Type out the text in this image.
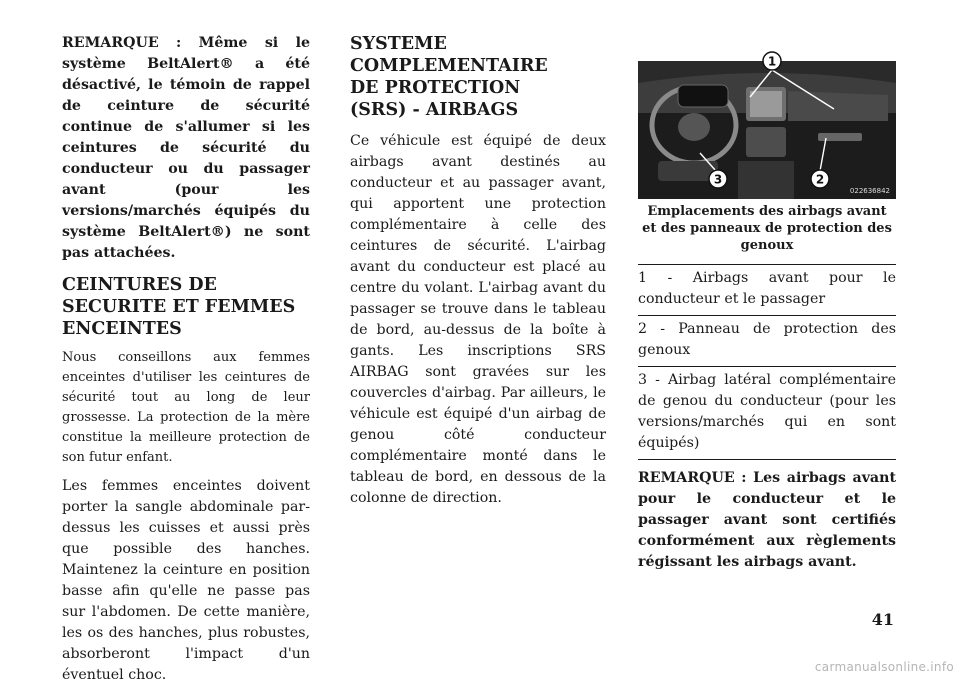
REMARQUE : Même si le système BeltAlert® a été désactivé, le témoin de rappel de ceinture de sécurité continue de s'allumer si les ceintures de sécurité du conducteur ou du passager avant (pour les versions/marchés équipés du système BeltAlert®) ne sont pas attachées.

CEINTURES DE SECURITE ET FEMMES ENCEINTES

Nous conseillons aux femmes enceintes d'utiliser les ceintures de sécurité tout au long de leur grossesse. La protection de la mère constitue la meilleure protection de son futur enfant.

Les femmes enceintes doivent porter la sangle abdominale par-dessus les cuisses et aussi près que possible des hanches. Maintenez la ceinture en position basse afin qu'elle ne passe pas sur l'abdomen. De cette manière, les os des hanches, plus robustes, absorberont l'impact d'un éventuel choc.

SYSTEME COMPLEMENTAIRE DE PROTECTION (SRS) - AIRBAGS

Ce véhicule est équipé de deux airbags avant destinés au conducteur et au passager avant, qui apportent une protection complémentaire à celle des ceintures de sécurité. L'airbag avant du conducteur est placé au centre du volant. L'airbag avant du passager se trouve dans le tableau de bord, au-dessus de la boîte à gants. Les inscriptions SRS AIRBAG sont gravées sur les couvercles d'airbag. Par ailleurs, le véhicule est équipé d'un airbag de genou côté conducteur complémentaire monté dans le tableau de bord, en dessous de la colonne de direction.

1
2
3
022636842
Emplacements des airbags avant et des panneaux de protection des genoux
1 - Airbags avant pour le conducteur et le passager
2 - Panneau de protection des genoux
3 - Airbag latéral complémentaire de genou du conducteur (pour les versions/marchés qui en sont équipés)

REMARQUE : Les airbags avant pour le conducteur et le passager avant sont certifiés conformément aux règlements régissant les airbags avant.

41
carmanualsonline.info
